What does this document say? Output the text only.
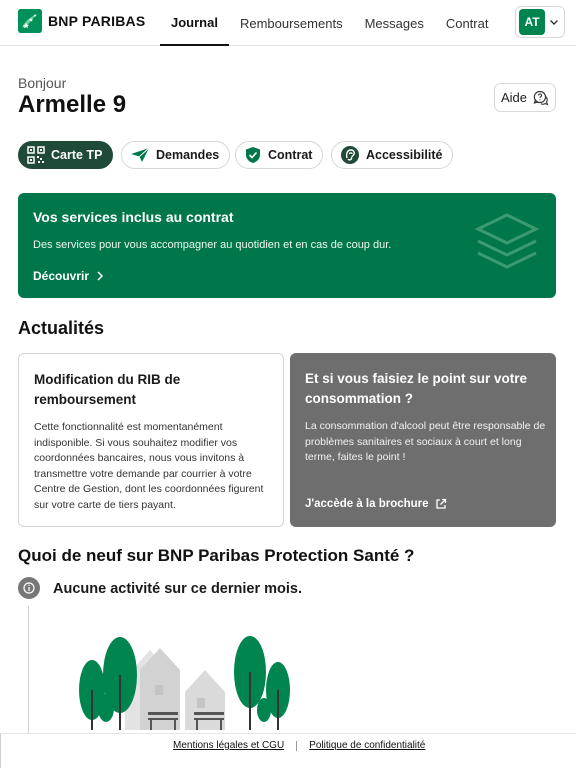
BNP PARIBAS	Journal	Remboursements	Messages	Contrat	AT
Bonjour
Armelle 9	Aide
Carte TP	Demandes	Contrat	Accessibilité
Vos services inclus au contrat
Des services pour vous accompagner au quotidien et en cas de coup dur.
Découvrir
Actualités
Modification du RIB de remboursement
Cette fonctionnalité est momentanément indisponible. Si vous souhaitez modifier vos coordonnées bancaires, nous vous invitons à transmettre votre demande par courrier à votre Centre de Gestion, dont les coordonnées figurent sur votre carte de tiers payant.
Et si vous faisiez le point sur votre consommation ?
La consommation d'alcool peut être responsable de problèmes sanitaires et sociaux à court et long terme, faites le point !
J'accède à la brochure
Quoi de neuf sur BNP Paribas Protection Santé ?
Aucune activité sur ce dernier mois.
Mentions légales et CGU	Politique de confidentialité
